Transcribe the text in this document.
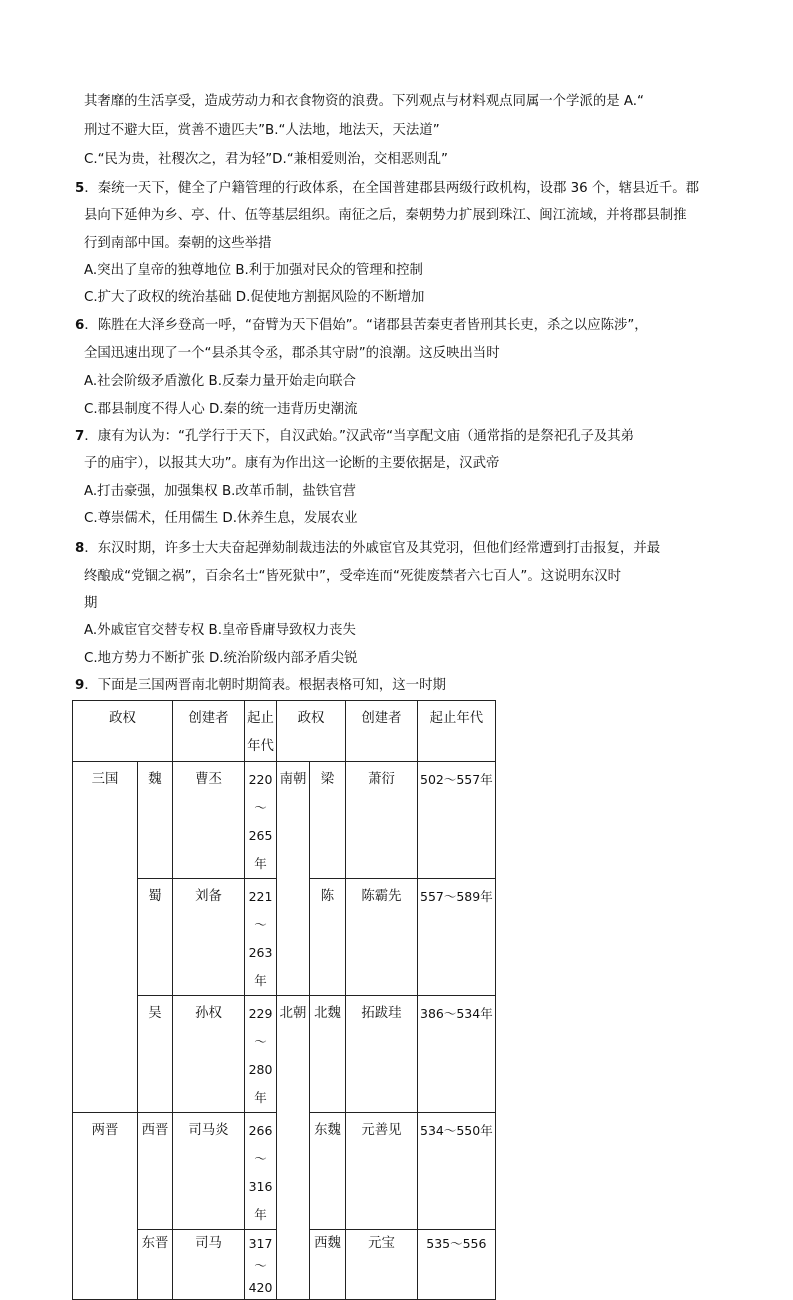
其奢靡的生活享受，造成劳动力和衣食物资的浪费。下列观点与材料观点同属一个学派的是 A.“
刑过不避大臣，赏善不遗匹夫”B.“人法地，地法天，天法道”
C.“民为贵，社稷次之，君为轻”D.“兼相爱则治，交相恶则乱”
5．秦统一天下，健全了户籍管理的行政体系，在全国普建郡县两级行政机构，设郡 36 个，辖县近千。郡
县向下延伸为乡、亭、什、伍等基层组织。南征之后，秦朝势力扩展到珠江、闽江流域，并将郡县制推
行到南部中国。秦朝的这些举措
A.突出了皇帝的独尊地位 B.利于加强对民众的管理和控制
C.扩大了政权的统治基础 D.促使地方割据风险的不断增加
6．陈胜在大泽乡登高一呼，“奋臂为天下倡始”。“诸郡县苦秦吏者皆刑其长吏，杀之以应陈涉”，
全国迅速出现了一个“县杀其令丞，郡杀其守尉”的浪潮。这反映出当时
A.社会阶级矛盾激化 B.反秦力量开始走向联合
C.郡县制度不得人心 D.秦的统一违背历史潮流
7．康有为认为：“孔学行于天下，自汉武始。”汉武帝“当享配文庙（通常指的是祭祀孔子及其弟
子的庙宇），以报其大功”。康有为作出这一论断的主要依据是，汉武帝
A.打击豪强，加强集权 B.改革币制，盐铁官营
C.尊崇儒术，任用儒生 D.休养生息，发展农业
8．东汉时期，许多士大夫奋起弹劾制裁违法的外戚宦官及其党羽，但他们经常遭到打击报复，并最
终酿成“党锢之祸”，百余名士“皆死狱中”，受牵连而“死徙废禁者六七百人”。这说明东汉时
期
A.外戚宦官交替专权 B.皇帝昏庸导致权力丧失
C.地方势力不断扩张 D.统治阶级内部矛盾尖锐
9．下面是三国两晋南北朝时期简表。根据表格可知，这一时期
政权		创建者	起止年代	政权		创建者	起止年代
三国	魏	曹丕	220～265年	南朝	梁	萧衍	502～557年
	蜀	刘备	221～263年		陈	陈霸先	557～589年
	吴	孙权	229～280年	北朝	北魏	拓跋珪	386～534年
两晋	西晋	司马炎	266～316年		东魏	元善见	534～550年
	东晋	司马	317～420		西魏	元宝	535～556
